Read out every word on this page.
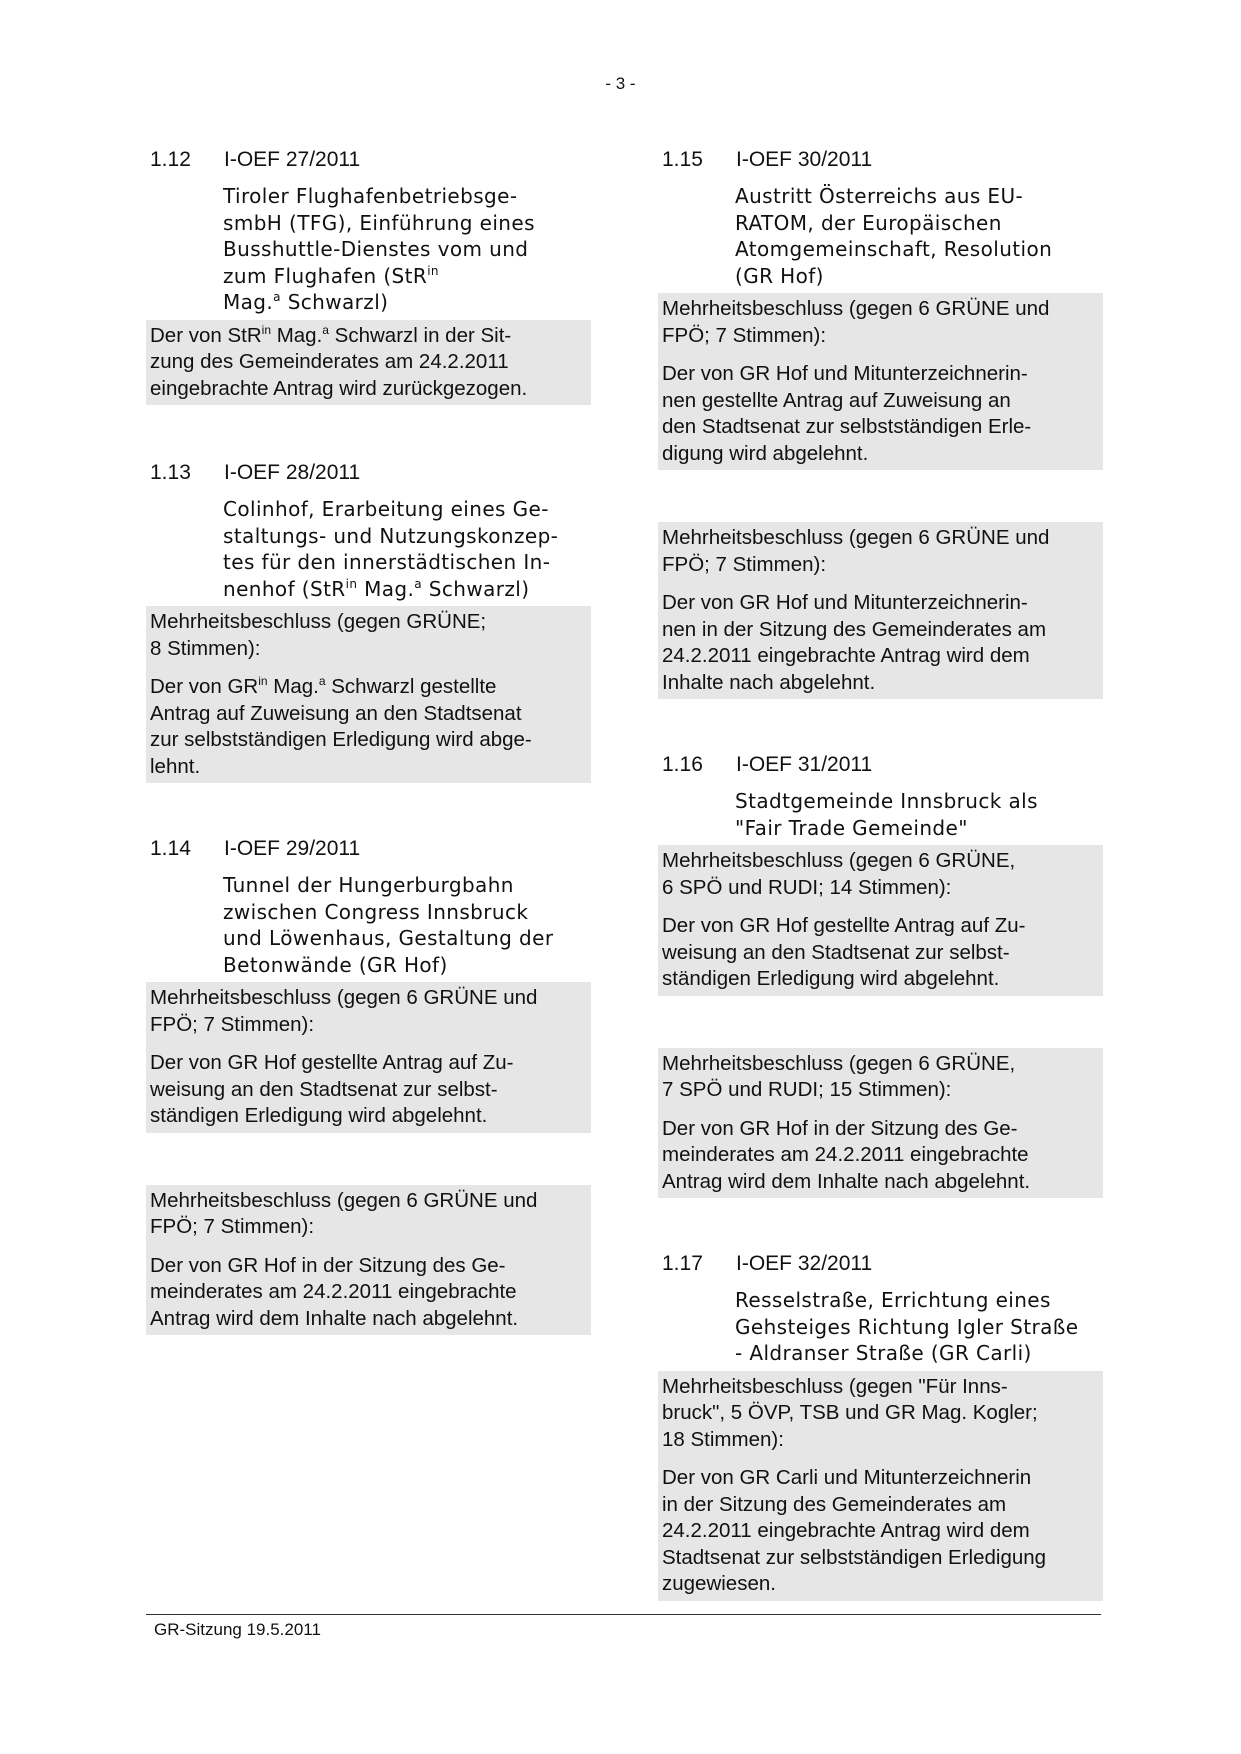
- 3 -
1.12	I-OEF 27/2011
Tiroler Flughafenbetriebsge-
smbH (TFG), Einführung eines
Busshuttle-Dienstes vom und
zum Flughafen (StR$^{in}$
Mag.$^a$ Schwarzl)

Der von StR$^{in}$ Mag.$^a$ Schwarzl in der Sit-
zung des Gemeinderates am 24.2.2011
eingebrachte Antrag wird zurückgezogen.

1.13	I-OEF 28/2011
Colinhof, Erarbeitung eines Ge-
staltungs- und Nutzungskonzep-
tes für den innerstädtischen In-
nenhof (StR$^{in}$ Mag.$^a$ Schwarzl)

Mehrheitsbeschluss (gegen GRÜNE;
8 Stimmen):

Der von $GR^{in}$ Mag.$^a$ Schwarzl gestellte
Antrag auf Zuweisung an den Stadtsenat
zur selbstständigen Erledigung wird abge-
lehnt.

1.14	I-OEF 29/2011
Tunnel der Hungerburgbahn
zwischen Congress Innsbruck
und Löwenhaus, Gestaltung der
Betonwände (GR Hof)

Mehrheitsbeschluss (gegen 6 GRÜNE und
FPÖ; 7 Stimmen):

Der von GR Hof gestellte Antrag auf Zu-
weisung an den Stadtsenat zur selbst-
ständigen Erledigung wird abgelehnt.

Mehrheitsbeschluss (gegen 6 GRÜNE und
FPÖ; 7 Stimmen):

Der von GR Hof in der Sitzung des Ge-
meinderates am 24.2.2011 eingebrachte
Antrag wird dem Inhalte nach abgelehnt.

1.15	I-OEF 30/2011
Austritt Österreichs aus EU-
RATOM, der Europäischen
Atomgemeinschaft, Resolution
(GR Hof)

Mehrheitsbeschluss (gegen 6 GRÜNE und
FPÖ; 7 Stimmen):

Der von GR Hof und Mitunterzeichnerin-
nen gestellte Antrag auf Zuweisung an
den Stadtsenat zur selbstständigen Erle-
digung wird abgelehnt.

Mehrheitsbeschluss (gegen 6 GRÜNE und
FPÖ; 7 Stimmen):

Der von GR Hof und Mitunterzeichnerin-
nen in der Sitzung des Gemeinderates am
24.2.2011 eingebrachte Antrag wird dem
Inhalte nach abgelehnt.

1.16	I-OEF 31/2011
Stadtgemeinde Innsbruck als
"Fair Trade Gemeinde"

Mehrheitsbeschluss (gegen 6 GRÜNE,
6 SPÖ und RUDI; 14 Stimmen):

Der von GR Hof gestellte Antrag auf Zu-
weisung an den Stadtsenat zur selbst-
ständigen Erledigung wird abgelehnt.

Mehrheitsbeschluss (gegen 6 GRÜNE,
7 SPÖ und RUDI; 15 Stimmen):

Der von GR Hof in der Sitzung des Ge-
meinderates am 24.2.2011 eingebrachte
Antrag wird dem Inhalte nach abgelehnt.

1.17	I-OEF 32/2011
Resselstraße, Errichtung eines
Gehsteiges Richtung Igler Straße
- Aldranser Straße (GR Carli)

Mehrheitsbeschluss (gegen "Für Inns-
bruck", 5 ÖVP, TSB und GR Mag. Kogler;
18 Stimmen):

Der von GR Carli und Mitunterzeichnerin
in der Sitzung des Gemeinderates am
24.2.2011 eingebrachte Antrag wird dem
Stadtsenat zur selbstständigen Erledigung
zugewiesen.

GR-Sitzung 19.5.2011
